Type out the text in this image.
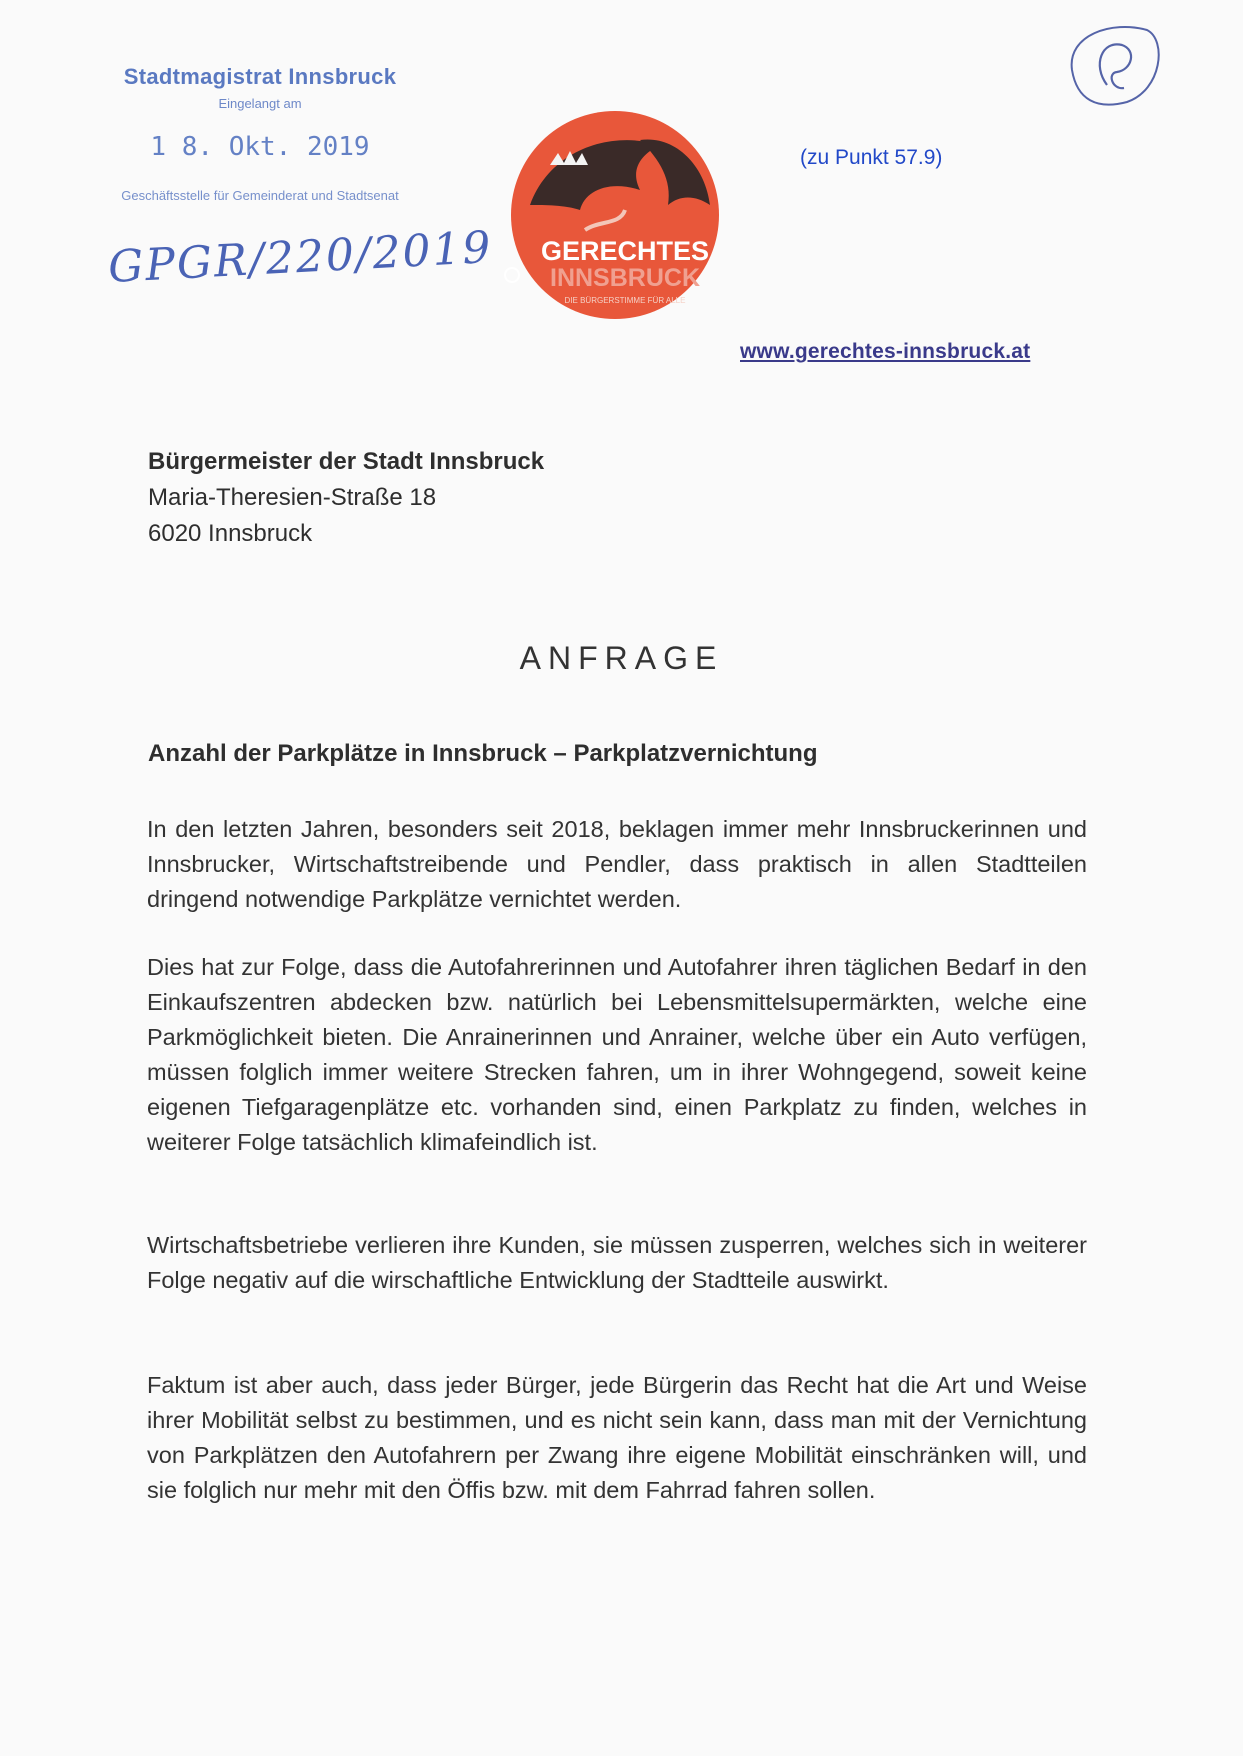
Stadtmagistrat Innsbruck
Eingelangt am
1 8. Okt. 2019
Geschäftsstelle für Gemeinderat und Stadtsenat
GPGR/220/2019 GERECHTES
INNSBRUCK
DIE BÜRGERSTIMME FÜR ALLE
(zu Punkt 57.9)
www.gerechtes-innsbruck.at
Bürgermeister der Stadt Innsbruck
Maria-Theresien-Straße 18
6020 Innsbruck
ANFRAGE
Anzahl der Parkplätze in Innsbruck – Parkplatzvernichtung
In den letzten Jahren, besonders seit 2018, beklagen immer mehr Innsbruckerinnen und Innsbrucker, Wirtschaftstreibende und Pendler, dass praktisch in allen Stadtteilen dringend notwendige Parkplätze vernichtet werden.
Dies hat zur Folge, dass die Autofahrerinnen und Autofahrer ihren täglichen Bedarf in den Einkaufszentren abdecken bzw. natürlich bei Lebensmittelsupermärkten, welche eine Parkmöglichkeit bieten. Die Anrainerinnen und Anrainer, welche über ein Auto verfügen, müssen folglich immer weitere Strecken fahren, um in ihrer Wohngegend, soweit keine eigenen Tiefgaragenplätze etc. vorhanden sind, einen Parkplatz zu finden, welches in weiterer Folge tatsächlich klimafeindlich ist.
Wirtschaftsbetriebe verlieren ihre Kunden, sie müssen zusperren, welches sich in weiterer Folge negativ auf die wirschaftliche Entwicklung der Stadtteile auswirkt.
Faktum ist aber auch, dass jeder Bürger, jede Bürgerin das Recht hat die Art und Weise ihrer Mobilität selbst zu bestimmen, und es nicht sein kann, dass man mit der Vernichtung von Parkplätzen den Autofahrern per Zwang ihre eigene Mobilität einschränken will, und sie folglich nur mehr mit den Öffis bzw. mit dem Fahrrad fahren sollen.
